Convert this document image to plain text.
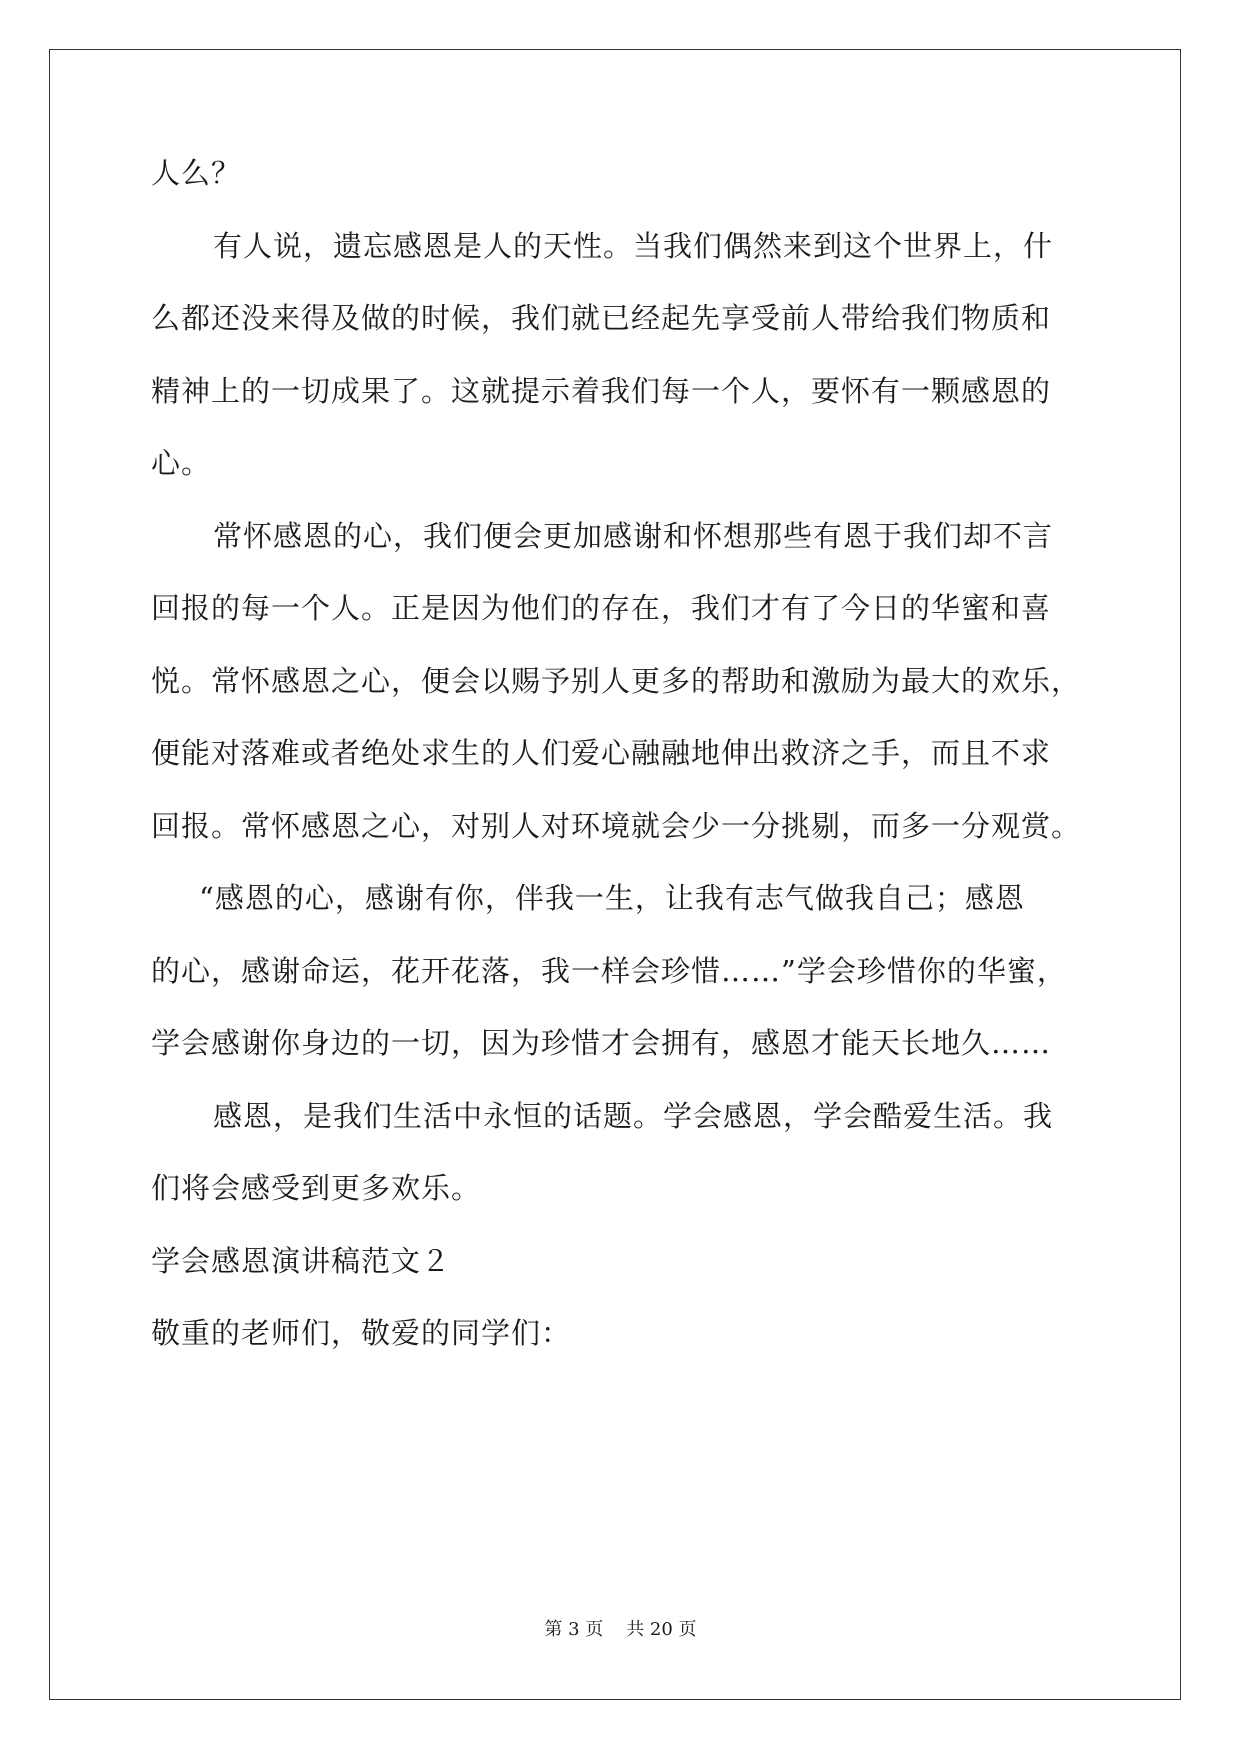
人么？
有人说，遗忘感恩是人的天性。当我们偶然来到这个世界上，什
么都还没来得及做的时候，我们就已经起先享受前人带给我们物质和
精神上的一切成果了。这就提示着我们每一个人，要怀有一颗感恩的
心。
常怀感恩的心，我们便会更加感谢和怀想那些有恩于我们却不言
回报的每一个人。正是因为他们的存在，我们才有了今日的华蜜和喜
悦。常怀感恩之心，便会以赐予别人更多的帮助和激励为最大的欢乐，
便能对落难或者绝处求生的人们爱心融融地伸出救济之手，而且不求
回报。常怀感恩之心，对别人对环境就会少一分挑剔，而多一分观赏。
“感恩的心，感谢有你，伴我一生，让我有志气做我自己；感恩
的心，感谢命运，花开花落，我一样会珍惜……”学会珍惜你的华蜜，
学会感谢你身边的一切，因为珍惜才会拥有，感恩才能天长地久……
感恩，是我们生活中永恒的话题。学会感恩，学会酷爱生活。我
们将会感受到更多欢乐。
学会感恩演讲稿范文２
敬重的老师们，敬爱的同学们：
第 3 页    共 20 页
